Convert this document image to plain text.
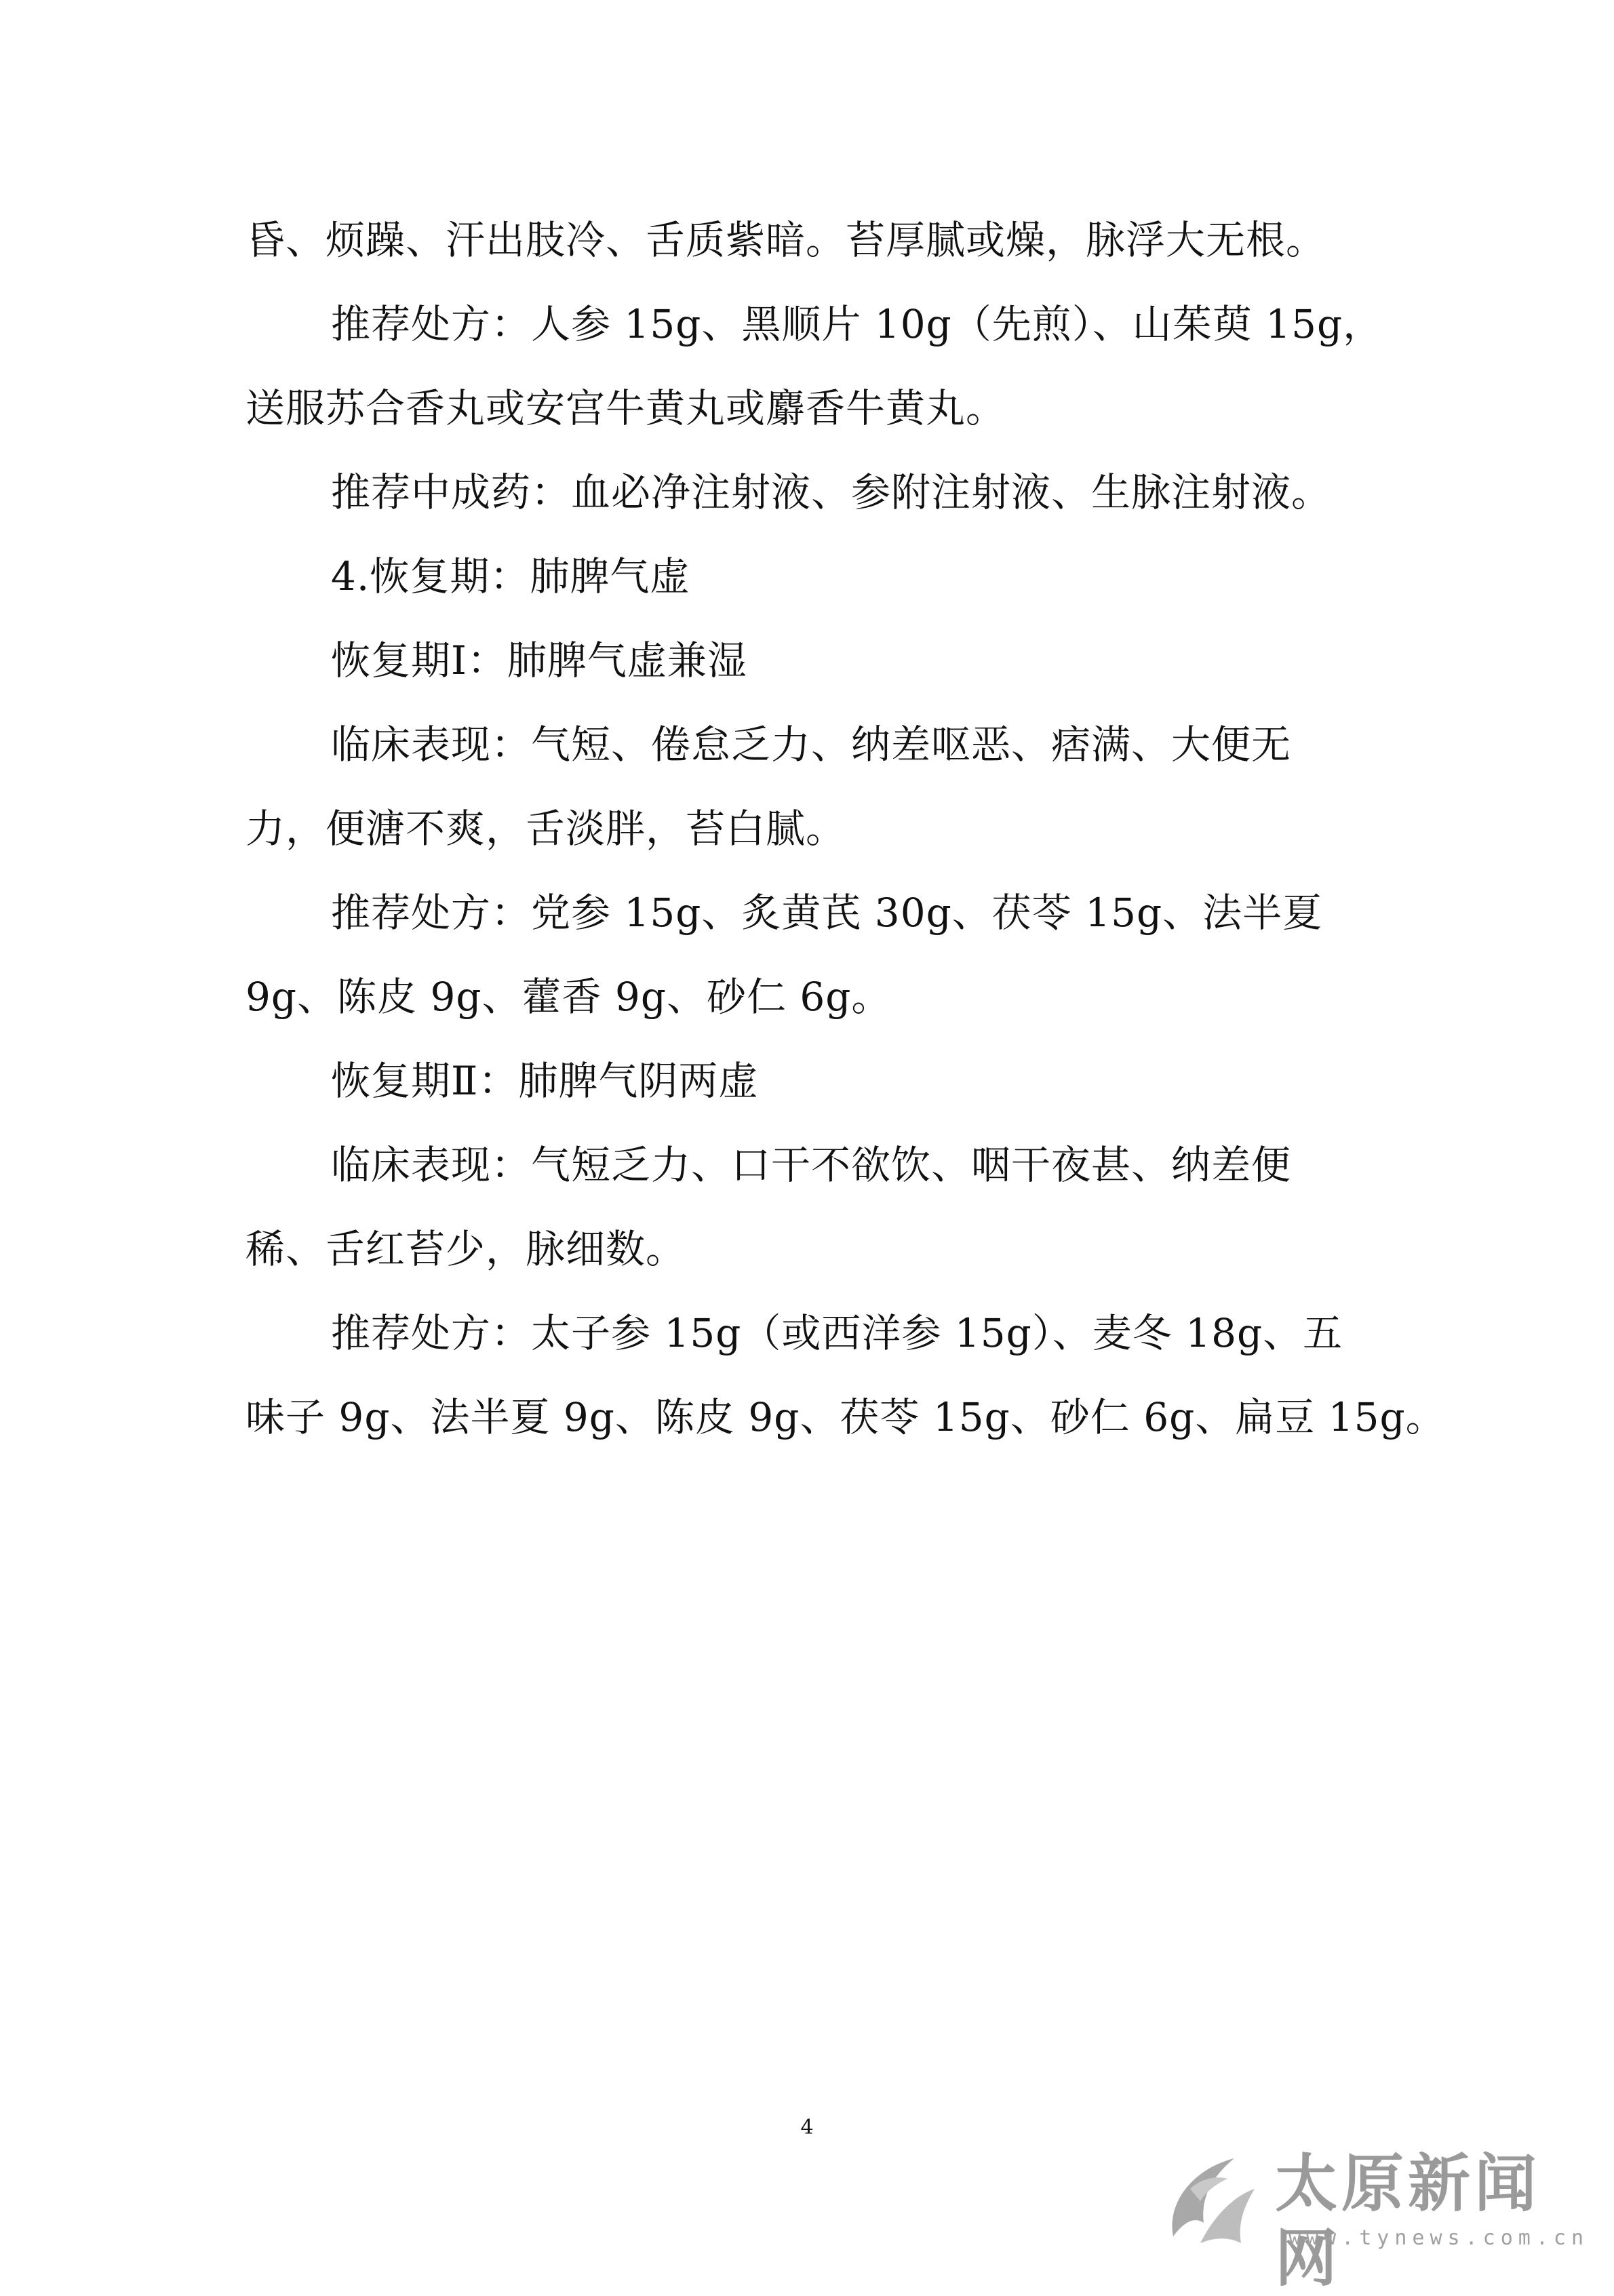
昏、烦躁、汗出肢冷、舌质紫暗。苔厚腻或燥，脉浮大无根。
推荐处方：人参 15g、黑顺片 10g（先煎）、山茱萸 15g，
送服苏合香丸或安宫牛黄丸或麝香牛黄丸。
推荐中成药：血必净注射液、参附注射液、生脉注射液。
4.恢复期：肺脾气虚
恢复期Ⅰ：肺脾气虚兼湿
临床表现：气短、倦怠乏力、纳差呕恶、痞满、大便无
力，便溏不爽，舌淡胖，苔白腻。
推荐处方：党参 15g、炙黄芪 30g、茯苓 15g、法半夏
9g、陈皮 9g、藿香 9g、砂仁 6g。
恢复期Ⅱ：肺脾气阴两虚
临床表现：气短乏力、口干不欲饮、咽干夜甚、纳差便
稀、舌红苔少，脉细数。
推荐处方：太子参 15g（或西洋参 15g）、麦冬 18g、五
味子 9g、法半夏 9g、陈皮 9g、茯苓 15g、砂仁 6g、扁豆 15g。
4
太原新闻网
www.tynews.com.cn
